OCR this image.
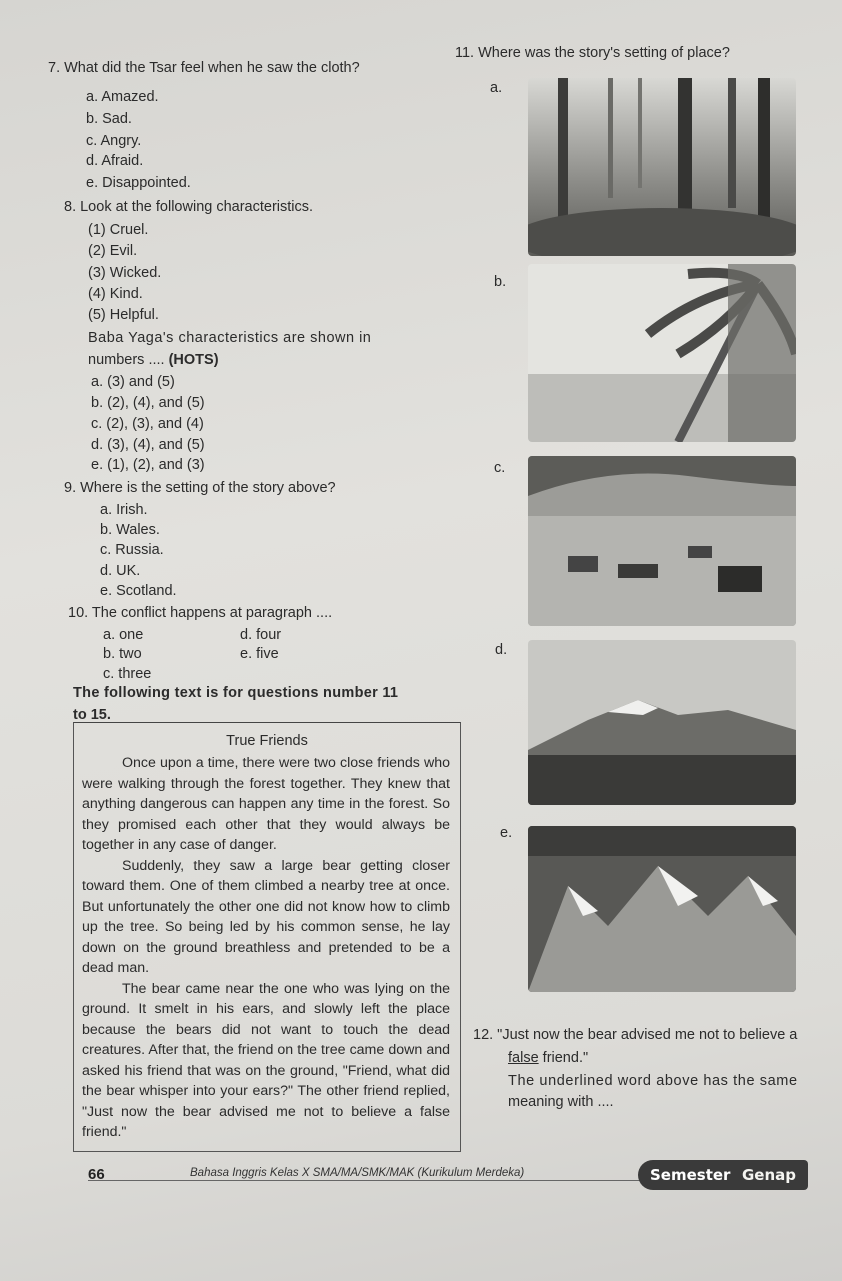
7. What did the Tsar feel when he saw the cloth?
a. Amazed.
b. Sad.
c. Angry.
d. Afraid.
e. Disappointed.
8. Look at the following characteristics.
(1) Cruel.
(2) Evil.
(3) Wicked.
(4) Kind.
(5) Helpful.
Baba Yaga's characteristics are shown in
numbers .... (HOTS)
a. (3) and (5)
b. (2), (4), and (5)
c. (2), (3), and (4)
d. (3), (4), and (5)
e. (1), (2), and (3)
9. Where is the setting of the story above?
a. Irish.
b. Wales.
c. Russia.
d. UK.
e. Scotland.
10. The conflict happens at paragraph ....
a. one
b. two
c. three
d. four
e. five
The following text is for questions number 11
to 15.
True Friends

Once upon a time, there were two close friends who were walking through the forest together. They knew that anything dangerous can happen any time in the forest. So they promised each other that they would always be together in any case of danger.

Suddenly, they saw a large bear getting closer toward them. One of them climbed a nearby tree at once. But unfortunately the other one did not know how to climb up the tree. So being led by his common sense, he lay down on the ground breathless and pretended to be a dead man.

The bear came near the one who was lying on the ground. It smelt in his ears, and slowly left the place because the bears did not want to touch the dead creatures. After that, the friend on the tree came down and asked his friend that was on the ground, "Friend, what did the bear whisper into your ears?" The other friend replied, "Just now the bear advised me not to believe a false friend."

11. Where was the story's setting of place?
a.
b.
c.
d.
e.
12. "Just now the bear advised me not to believe a
false friend."
The underlined word above has the same
meaning with ....
66	Bahasa Inggris Kelas X SMA/MA/SMK/MAK (Kurikulum Merdeka)	Semester Genap
